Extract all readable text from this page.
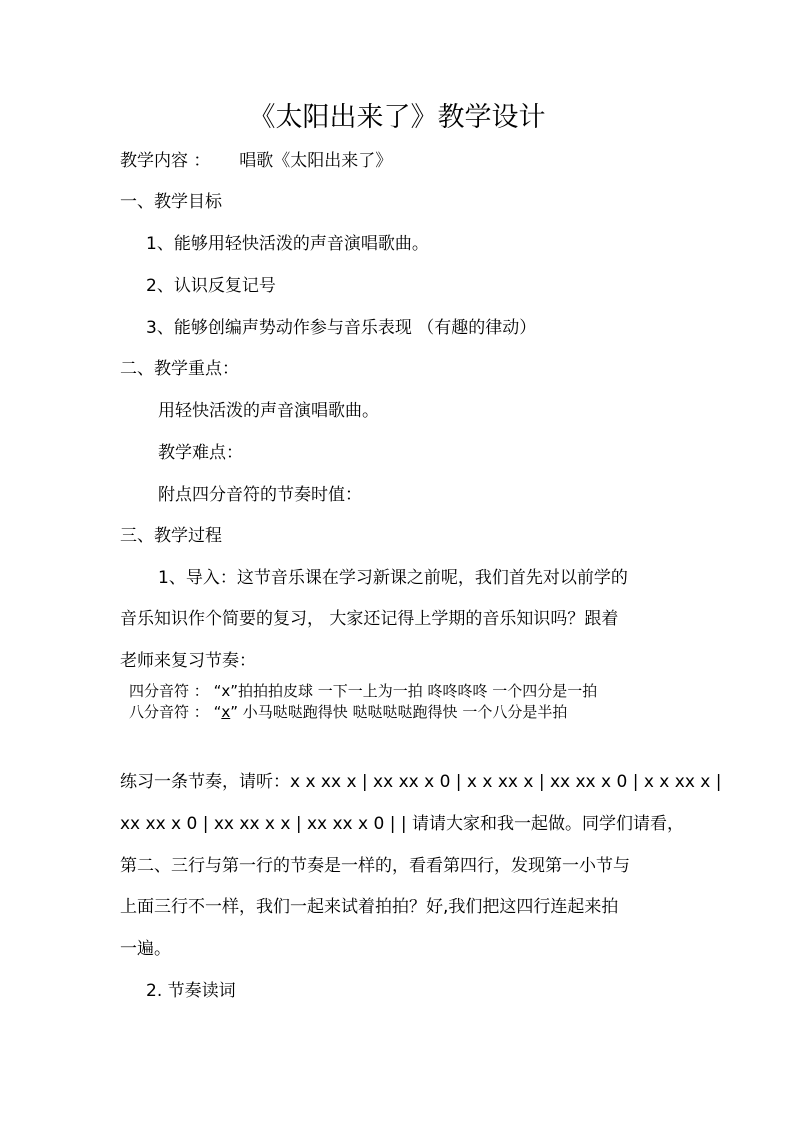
《太阳出来了》教学设计
教学内容 ： 唱歌《太阳出来了》
一、教学目标
1、能够用轻快活泼的声音演唱歌曲。
2、认识反复记号
3、能够创编声势动作参与音乐表现 （有趣的律动）
二、教学重点：
用轻快活泼的声音演唱歌曲。
教学难点：
附点四分音符的节奏时值：
三、教学过程
1、导入：这节音乐课在学习新课之前呢，我们首先对以前学的
音乐知识作个简要的复习， 大家还记得上学期的音乐知识吗？跟着
老师来复习节奏：
四分音符 ： “x”拍拍拍皮球 一下一上为一拍 咚咚咚咚 一个四分是一拍
八分音符 ： “x” 小马哒哒跑得快 哒哒哒哒跑得快 一个八分是半拍
练习一条节奏，请听：x x xx x | xx xx x 0 | x x xx x | xx xx x 0 | x x xx x |
xx xx x 0 | xx xx x x | xx xx x 0 | | 请请大家和我一起做。同学们请看，
第二、三行与第一行的节奏是一样的，看看第四行，发现第一小节与
上面三行不一样，我们一起来试着拍拍？好,我们把这四行连起来拍
一遍。
2. 节奏读词
